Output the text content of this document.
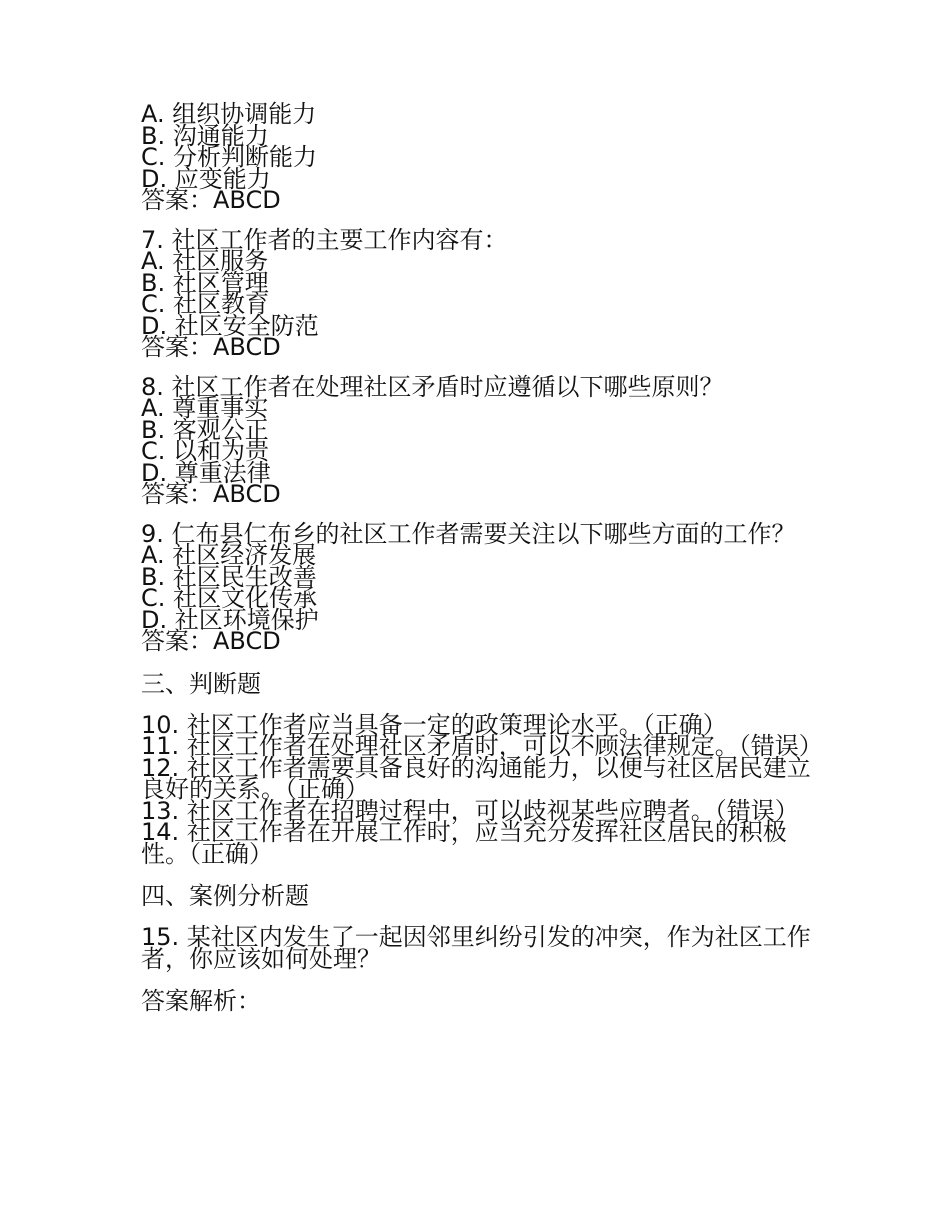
A. 组织协调能力
B. 沟通能力
C. 分析判断能力
D. 应变能力
答案：ABCD
7. 社区工作者的主要工作内容有：
A. 社区服务
B. 社区管理
C. 社区教育
D. 社区安全防范
答案：ABCD
8. 社区工作者在处理社区矛盾时应遵循以下哪些原则？
A. 尊重事实
B. 客观公正
C. 以和为贵
D. 尊重法律
答案：ABCD
9. 仁布县仁布乡的社区工作者需要关注以下哪些方面的工作？
A. 社区经济发展
B. 社区民生改善
C. 社区文化传承
D. 社区环境保护
答案：ABCD
三、判断题
10. 社区工作者应当具备一定的政策理论水平。（正确）
11. 社区工作者在处理社区矛盾时，可以不顾法律规定。（错误）
12. 社区工作者需要具备良好的沟通能力，以便与社区居民建立良好的关系。（正确）
13. 社区工作者在招聘过程中，可以歧视某些应聘者。（错误）
14. 社区工作者在开展工作时，应当充分发挥社区居民的积极性。（正确）
四、案例分析题
15. 某社区内发生了一起因邻里纠纷引发的冲突，作为社区工作者，你应该如何处理？
答案解析：
